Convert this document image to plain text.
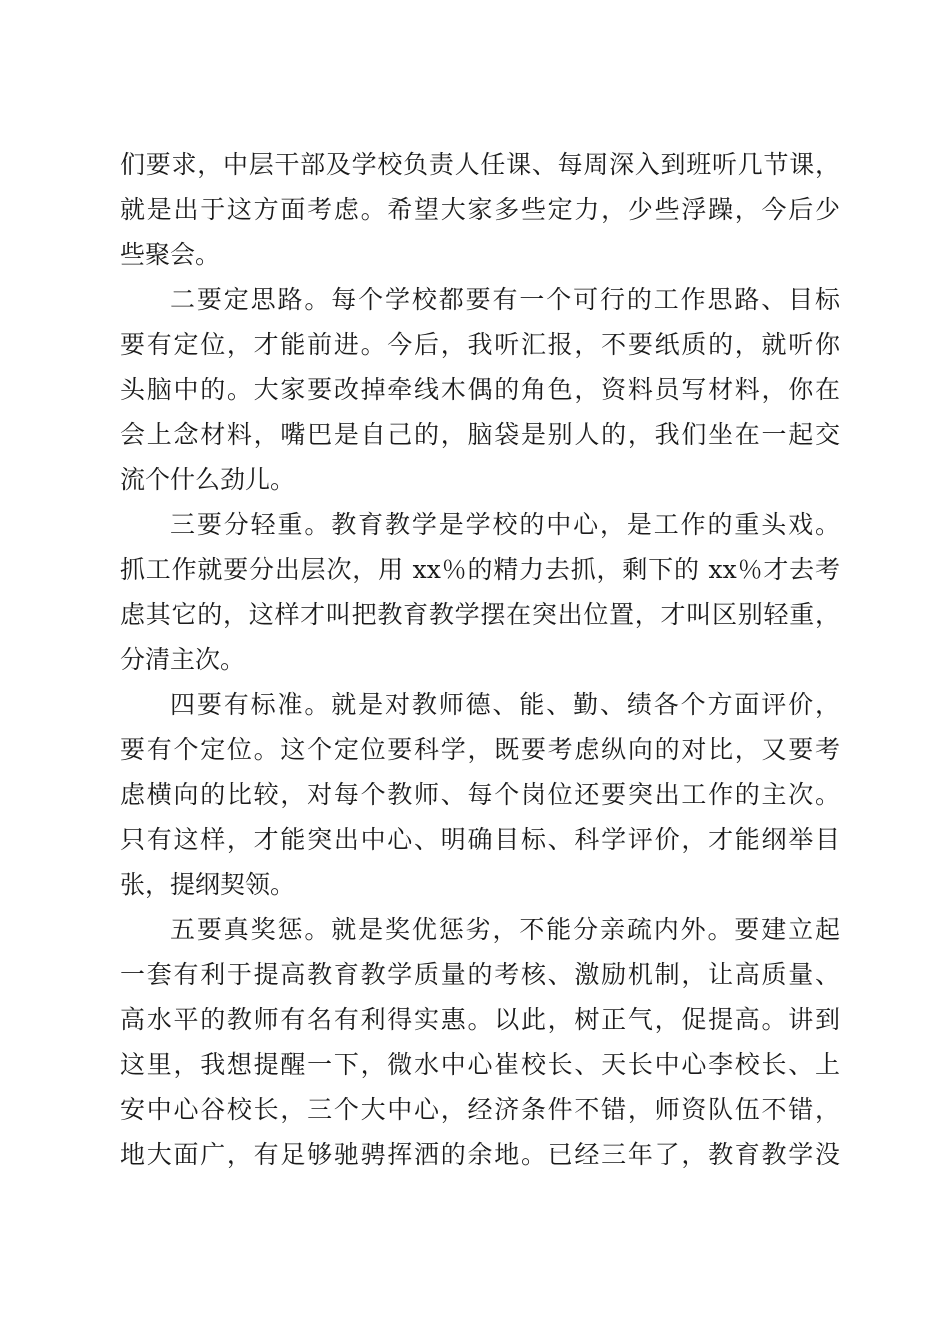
们要求，中层干部及学校负责人任课、每周深入到班听几节课，
就是出于这方面考虑。希望大家多些定力，少些浮躁，今后少
些聚会。
二要定思路。每个学校都要有一个可行的工作思路、目标
要有定位，才能前进。今后，我听汇报，不要纸质的，就听你
头脑中的。大家要改掉牵线木偶的角色，资料员写材料，你在
会上念材料，嘴巴是自己的，脑袋是别人的，我们坐在一起交
流个什么劲儿。
三要分轻重。教育教学是学校的中心，是工作的重头戏。
抓工作就要分出层次，用 xx％的精力去抓，剩下的 xx％才去考
虑其它的，这样才叫把教育教学摆在突出位置，才叫区别轻重，
分清主次。
四要有标准。就是对教师德、能、勤、绩各个方面评价，
要有个定位。这个定位要科学，既要考虑纵向的对比，又要考
虑横向的比较，对每个教师、每个岗位还要突出工作的主次。
只有这样，才能突出中心、明确目标、科学评价，才能纲举目
张，提纲契领。
五要真奖惩。就是奖优惩劣，不能分亲疏内外。要建立起
一套有利于提高教育教学质量的考核、激励机制，让高质量、
高水平的教师有名有利得实惠。以此，树正气，促提高。讲到
这里，我想提醒一下，微水中心崔校长、天长中心李校长、上
安中心谷校长，三个大中心，经济条件不错，师资队伍不错，
地大面广，有足够驰骋挥洒的余地。已经三年了，教育教学没
